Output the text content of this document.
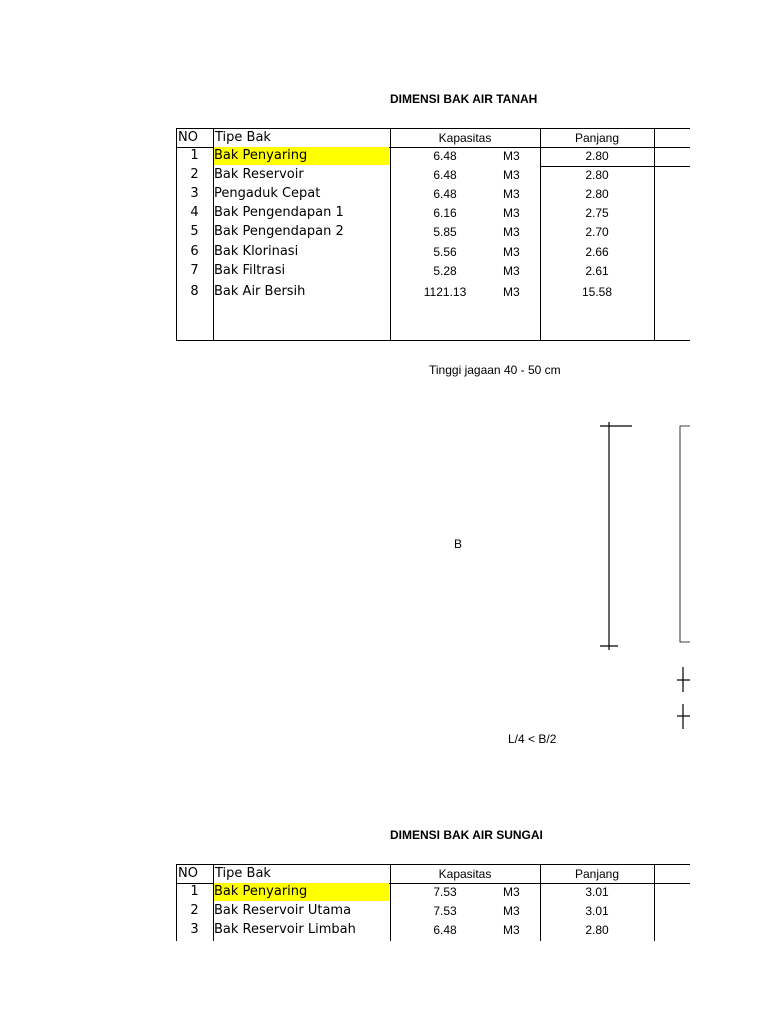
DIMENSI BAK AIR TANAH
NO Tipe Bak	Kapasitas	Panjang
1	Bak Penyaring	6.48	M3	2.80
2	Bak Reservoir	6.48	M3	2.80
3	Pengaduk Cepat	6.48	M3	2.80
4	Bak Pengendapan 1	6.16	M3	2.75
5	Bak Pengendapan 2	5.85	M3	2.70
6	Bak Klorinasi	5.56	M3	2.66
7	Bak Filtrasi	5.28	M3	2.61
8	Bak Air Bersih	1121.13	M3	15.58
Tinggi jagaan 40 - 50 cm
B
L/4 < B/2
DIMENSI BAK AIR SUNGAI
NO Tipe Bak	Kapasitas	Panjang
1	Bak Penyaring	7.53	M3	3.01
2	Bak Reservoir Utama	7.53	M3	3.01
3	Bak Reservoir Limbah	6.48	M3	2.80
